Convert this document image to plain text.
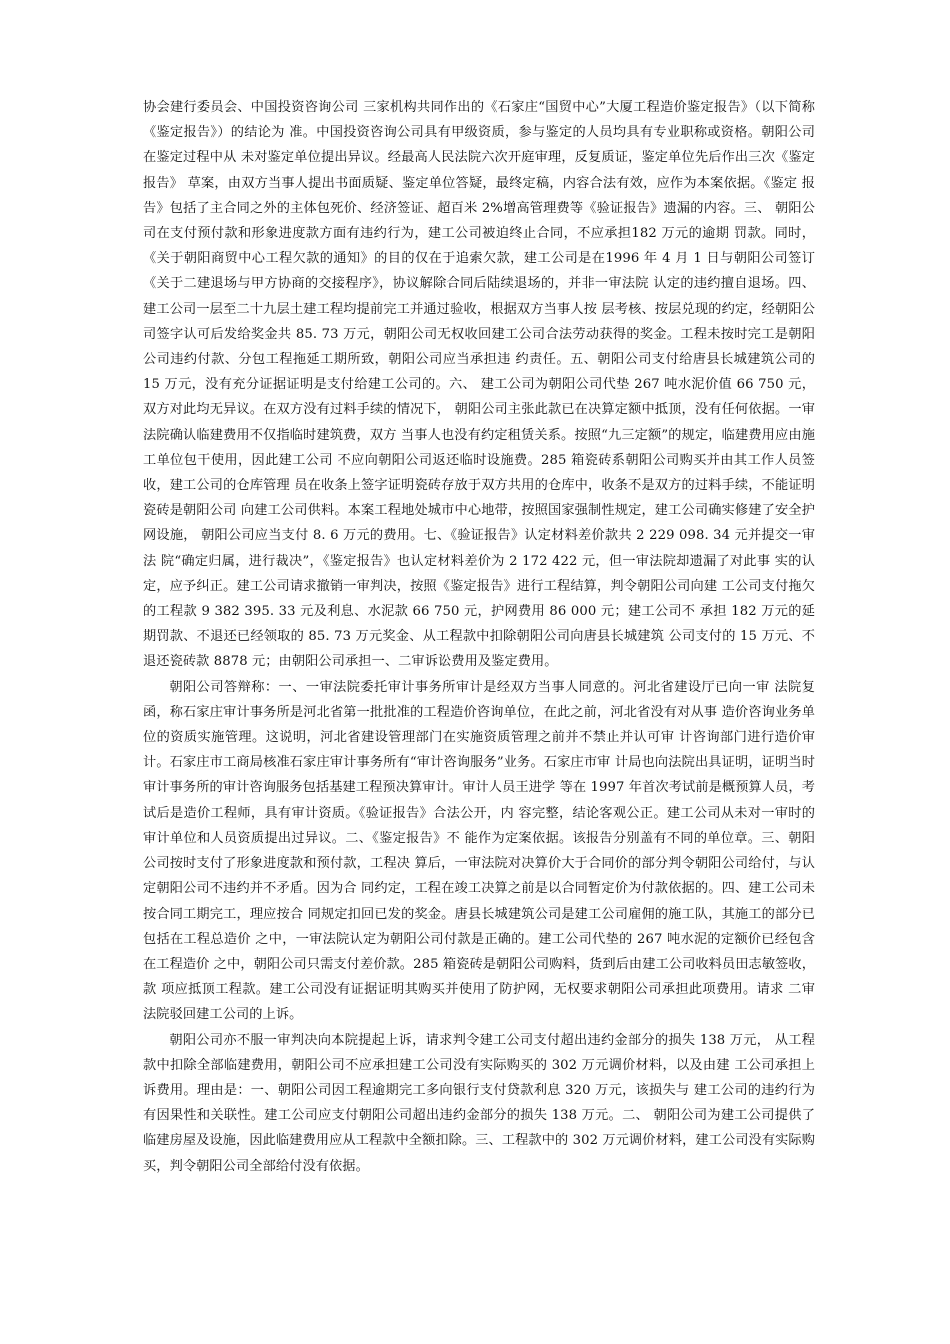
协会建行委员会、中国投资咨询公司 三家机构共同作出的《石家庄“国贸中心”大厦工程造价鉴定报告》（以下简称《鉴定报告》）的结论为 准。中国投资咨询公司具有甲级资质，参与鉴定的人员均具有专业职称或资格。朝阳公司在鉴定过程中从 未对鉴定单位提出异议。经最高人民法院六次开庭审理，反复质证，鉴定单位先后作出三次《鉴定报告》 草案，由双方当事人提出书面质疑、鉴定单位答疑，最终定稿，内容合法有效，应作为本案依据。《鉴定 报告》包括了主合同之外的主体包死价、经济签证、超百米 2%增高管理费等《验证报告》遗漏的内容。三、 朝阳公司在支付预付款和形象进度款方面有违约行为，建工公司被迫终止合同，不应承担182 万元的逾期 罚款。同时，《关于朝阳商贸中心工程欠款的通知》的目的仅在于追索欠款，建工公司是在1996 年 4 月 1 日与朝阳公司签订《关于二建退场与甲方协商的交接程序》，协议解除合同后陆续退场的，并非一审法院 认定的违约擅自退场。四、建工公司一层至二十九层土建工程均提前完工并通过验收，根据双方当事人按 层考核、按层兑现的约定，经朝阳公司签字认可后发给奖金共 85. 73 万元，朝阳公司无权收回建工公司合法劳动获得的奖金。工程未按时完工是朝阳公司违约付款、分包工程拖延工期所致，朝阳公司应当承担违 约责任。五、朝阳公司支付给唐县长城建筑公司的 15 万元，没有充分证据证明是支付给建工公司的。六、 建工公司为朝阳公司代垫 267 吨水泥价值 66 750 元，双方对此均无异议。在双方没有过料手续的情况下， 朝阳公司主张此款已在决算定额中抵顶，没有任何依据。一审法院确认临建费用不仅指临时建筑费，双方 当事人也没有约定租赁关系。按照“九三定额”的规定，临建费用应由施工单位包干使用，因此建工公司 不应向朝阳公司返还临时设施费。285 箱瓷砖系朝阳公司购买并由其工作人员签收，建工公司的仓库管理 员在收条上签字证明瓷砖存放于双方共用的仓库中，收条不是双方的过料手续，不能证明瓷砖是朝阳公司 向建工公司供料。本案工程地处城市中心地带，按照国家强制性规定，建工公司确实修建了安全护网设施， 朝阳公司应当支付 8. 6 万元的费用。七、《验证报告》认定材料差价款共 2 229 098. 34 元并提交一审法 院“确定归属，进行裁决”，《鉴定报告》也认定材料差价为 2 172 422 元，但一审法院却遗漏了对此事 实的认定，应予纠正。建工公司请求撤销一审判决，按照《鉴定报告》进行工程结算，判令朝阳公司向建 工公司支付拖欠的工程款 9 382 395. 33 元及利息、水泥款 66 750 元，护网费用 86 000 元；建工公司不 承担 182 万元的延期罚款、不退还已经领取的 85. 73 万元奖金、从工程款中扣除朝阳公司向唐县长城建筑 公司支付的 15 万元、不退还瓷砖款 8878 元；由朝阳公司承担一、二审诉讼费用及鉴定费用。

朝阳公司答辩称：一、一审法院委托审计事务所审计是经双方当事人同意的。河北省建设厅已向一审 法院复函，称石家庄审计事务所是河北省第一批批准的工程造价咨询单位，在此之前，河北省没有对从事 造价咨询业务单位的资质实施管理。这说明，河北省建设管理部门在实施资质管理之前并不禁止并认可审 计咨询部门进行造价审计。石家庄市工商局核准石家庄审计事务所有“审计咨询服务”业务。石家庄市审 计局也向法院出具证明，证明当时审计事务所的审计咨询服务包括基建工程预决算审计。审计人员王进学 等在 1997 年首次考试前是概预算人员，考试后是造价工程师，具有审计资质。《验证报告》合法公开，内 容完整，结论客观公正。建工公司从未对一审时的审计单位和人员资质提出过异议。二、《鉴定报告》不 能作为定案依据。该报告分别盖有不同的单位章。三、朝阳公司按时支付了形象进度款和预付款，工程决 算后，一审法院对决算价大于合同价的部分判令朝阳公司给付，与认定朝阳公司不违约并不矛盾。因为合 同约定，工程在竣工决算之前是以合同暂定价为付款依据的。四、建工公司未按合同工期完工，理应按合 同规定扣回已发的奖金。唐县长城建筑公司是建工公司雇佣的施工队，其施工的部分已包括在工程总造价 之中，一审法院认定为朝阳公司付款是正确的。建工公司代垫的 267 吨水泥的定额价已经包含在工程造价 之中，朝阳公司只需支付差价款。285 箱瓷砖是朝阳公司购料，货到后由建工公司收料员田志敏签收，款 项应抵顶工程款。建工公司没有证据证明其购买并使用了防护网，无权要求朝阳公司承担此项费用。请求 二审法院驳回建工公司的上诉。

朝阳公司亦不服一审判决向本院提起上诉，请求判令建工公司支付超出违约金部分的损失 138 万元， 从工程款中扣除全部临建费用，朝阳公司不应承担建工公司没有实际购买的 302 万元调价材料，以及由建 工公司承担上诉费用。理由是：一、朝阳公司因工程逾期完工多向银行支付贷款利息 320 万元，该损失与 建工公司的违约行为有因果性和关联性。建工公司应支付朝阳公司超出违约金部分的损失 138 万元。二、 朝阳公司为建工公司提供了临建房屋及设施，因此临建费用应从工程款中全额扣除。三、工程款中的 302 万元调价材料，建工公司没有实际购买，判令朝阳公司全部给付没有依据。
